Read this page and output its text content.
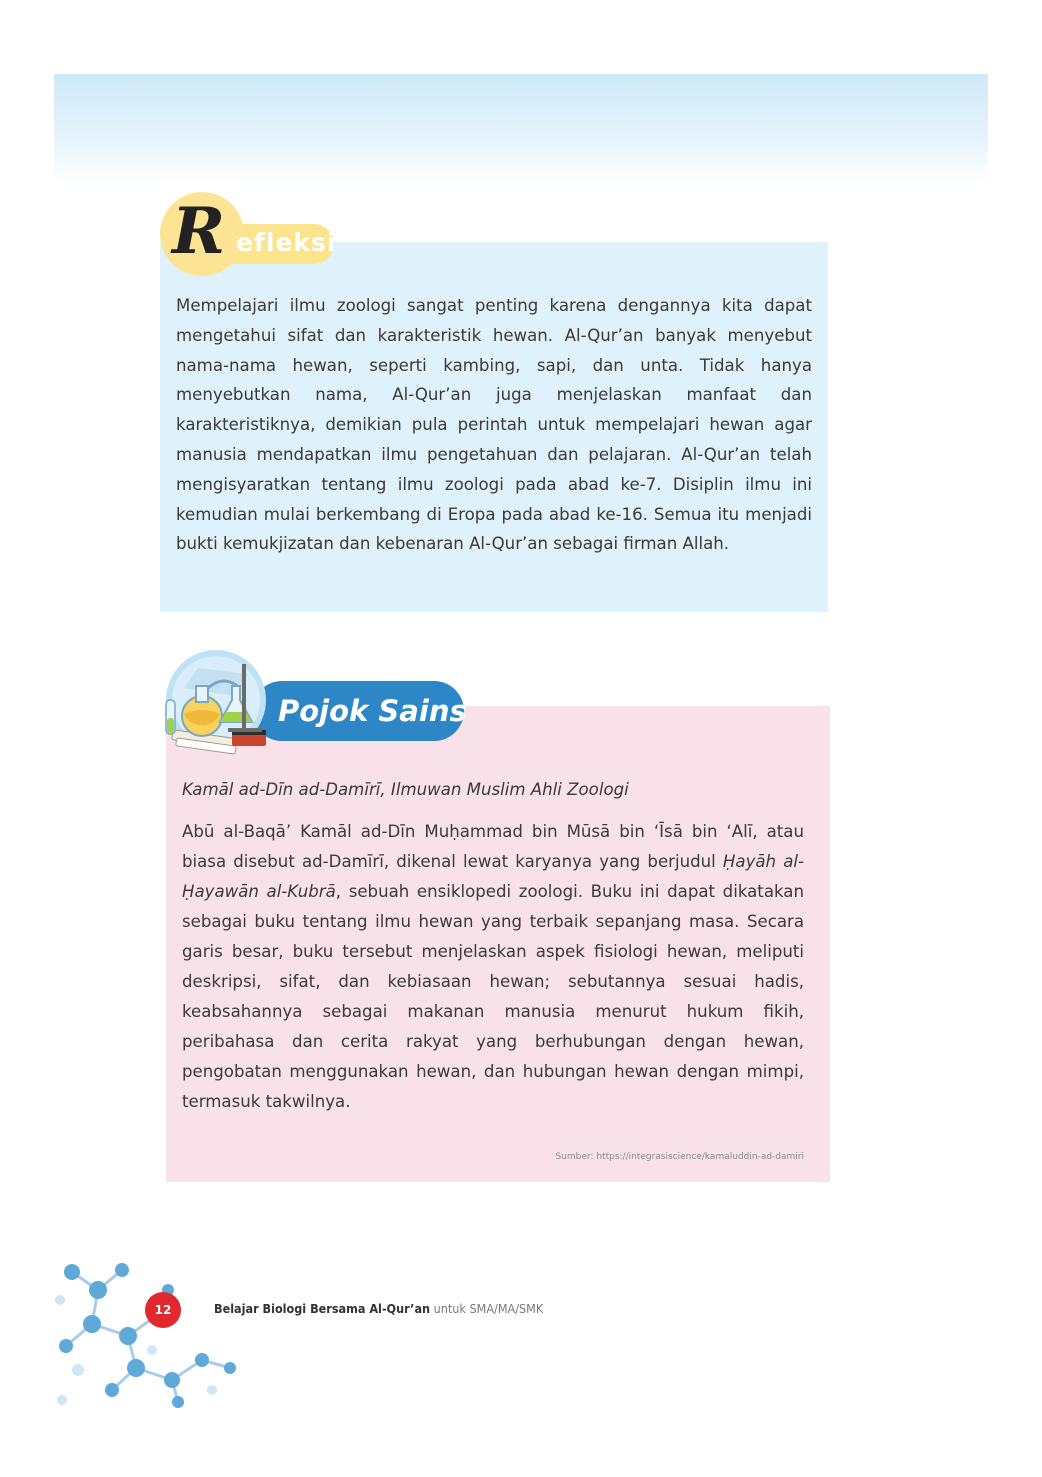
R efleksi

Mempelajari ilmu zoologi sangat penting karena dengannya kita dapat mengetahui sifat dan karakteristik hewan. Al-Qur’an banyak menyebut nama-nama hewan, seperti kambing, sapi, dan unta. Tidak hanya menyebutkan nama, Al-Qur’an juga menjelaskan manfaat dan karakteristiknya, demikian pula perintah untuk mempelajari hewan agar manusia mendapatkan ilmu pengetahuan dan pelajaran. Al-Qur’an telah mengisyaratkan tentang ilmu zoologi pada abad ke-7. Disiplin ilmu ini kemudian mulai berkembang di Eropa pada abad ke-16. Semua itu menjadi bukti kemukjizatan dan kebenaran Al-Qur’an sebagai firman Allah.

Pojok Sains
Kamāl ad-Dīn ad-Damīrī, Ilmuwan Muslim Ahli Zoologi

Abū al-Baqā’ Kamāl ad-Dīn Muḥammad bin Mūsā bin ‘Īsā bin ‘Alī, atau biasa disebut ad-Damīrī, dikenal lewat karyanya yang berjudul Ḥayāh al-Ḥayawān al-Kubrā, sebuah ensiklopedi zoologi. Buku ini dapat dikatakan sebagai buku tentang ilmu hewan yang terbaik sepanjang masa. Secara garis besar, buku tersebut menjelaskan aspek fisiologi hewan, meliputi deskripsi, sifat, dan kebiasaan hewan; sebutannya sesuai hadis, keabsahannya sebagai makanan manusia menurut hukum fikih, peribahasa dan cerita rakyat yang berhubungan dengan hewan, pengobatan menggunakan hewan, dan hubungan hewan dengan mimpi, termasuk takwilnya.

Sumber: https://integrasiscience/kamaluddin-ad-damiri
12	Belajar Biologi Bersama Al-Qur’an untuk SMA/MA/SMK
